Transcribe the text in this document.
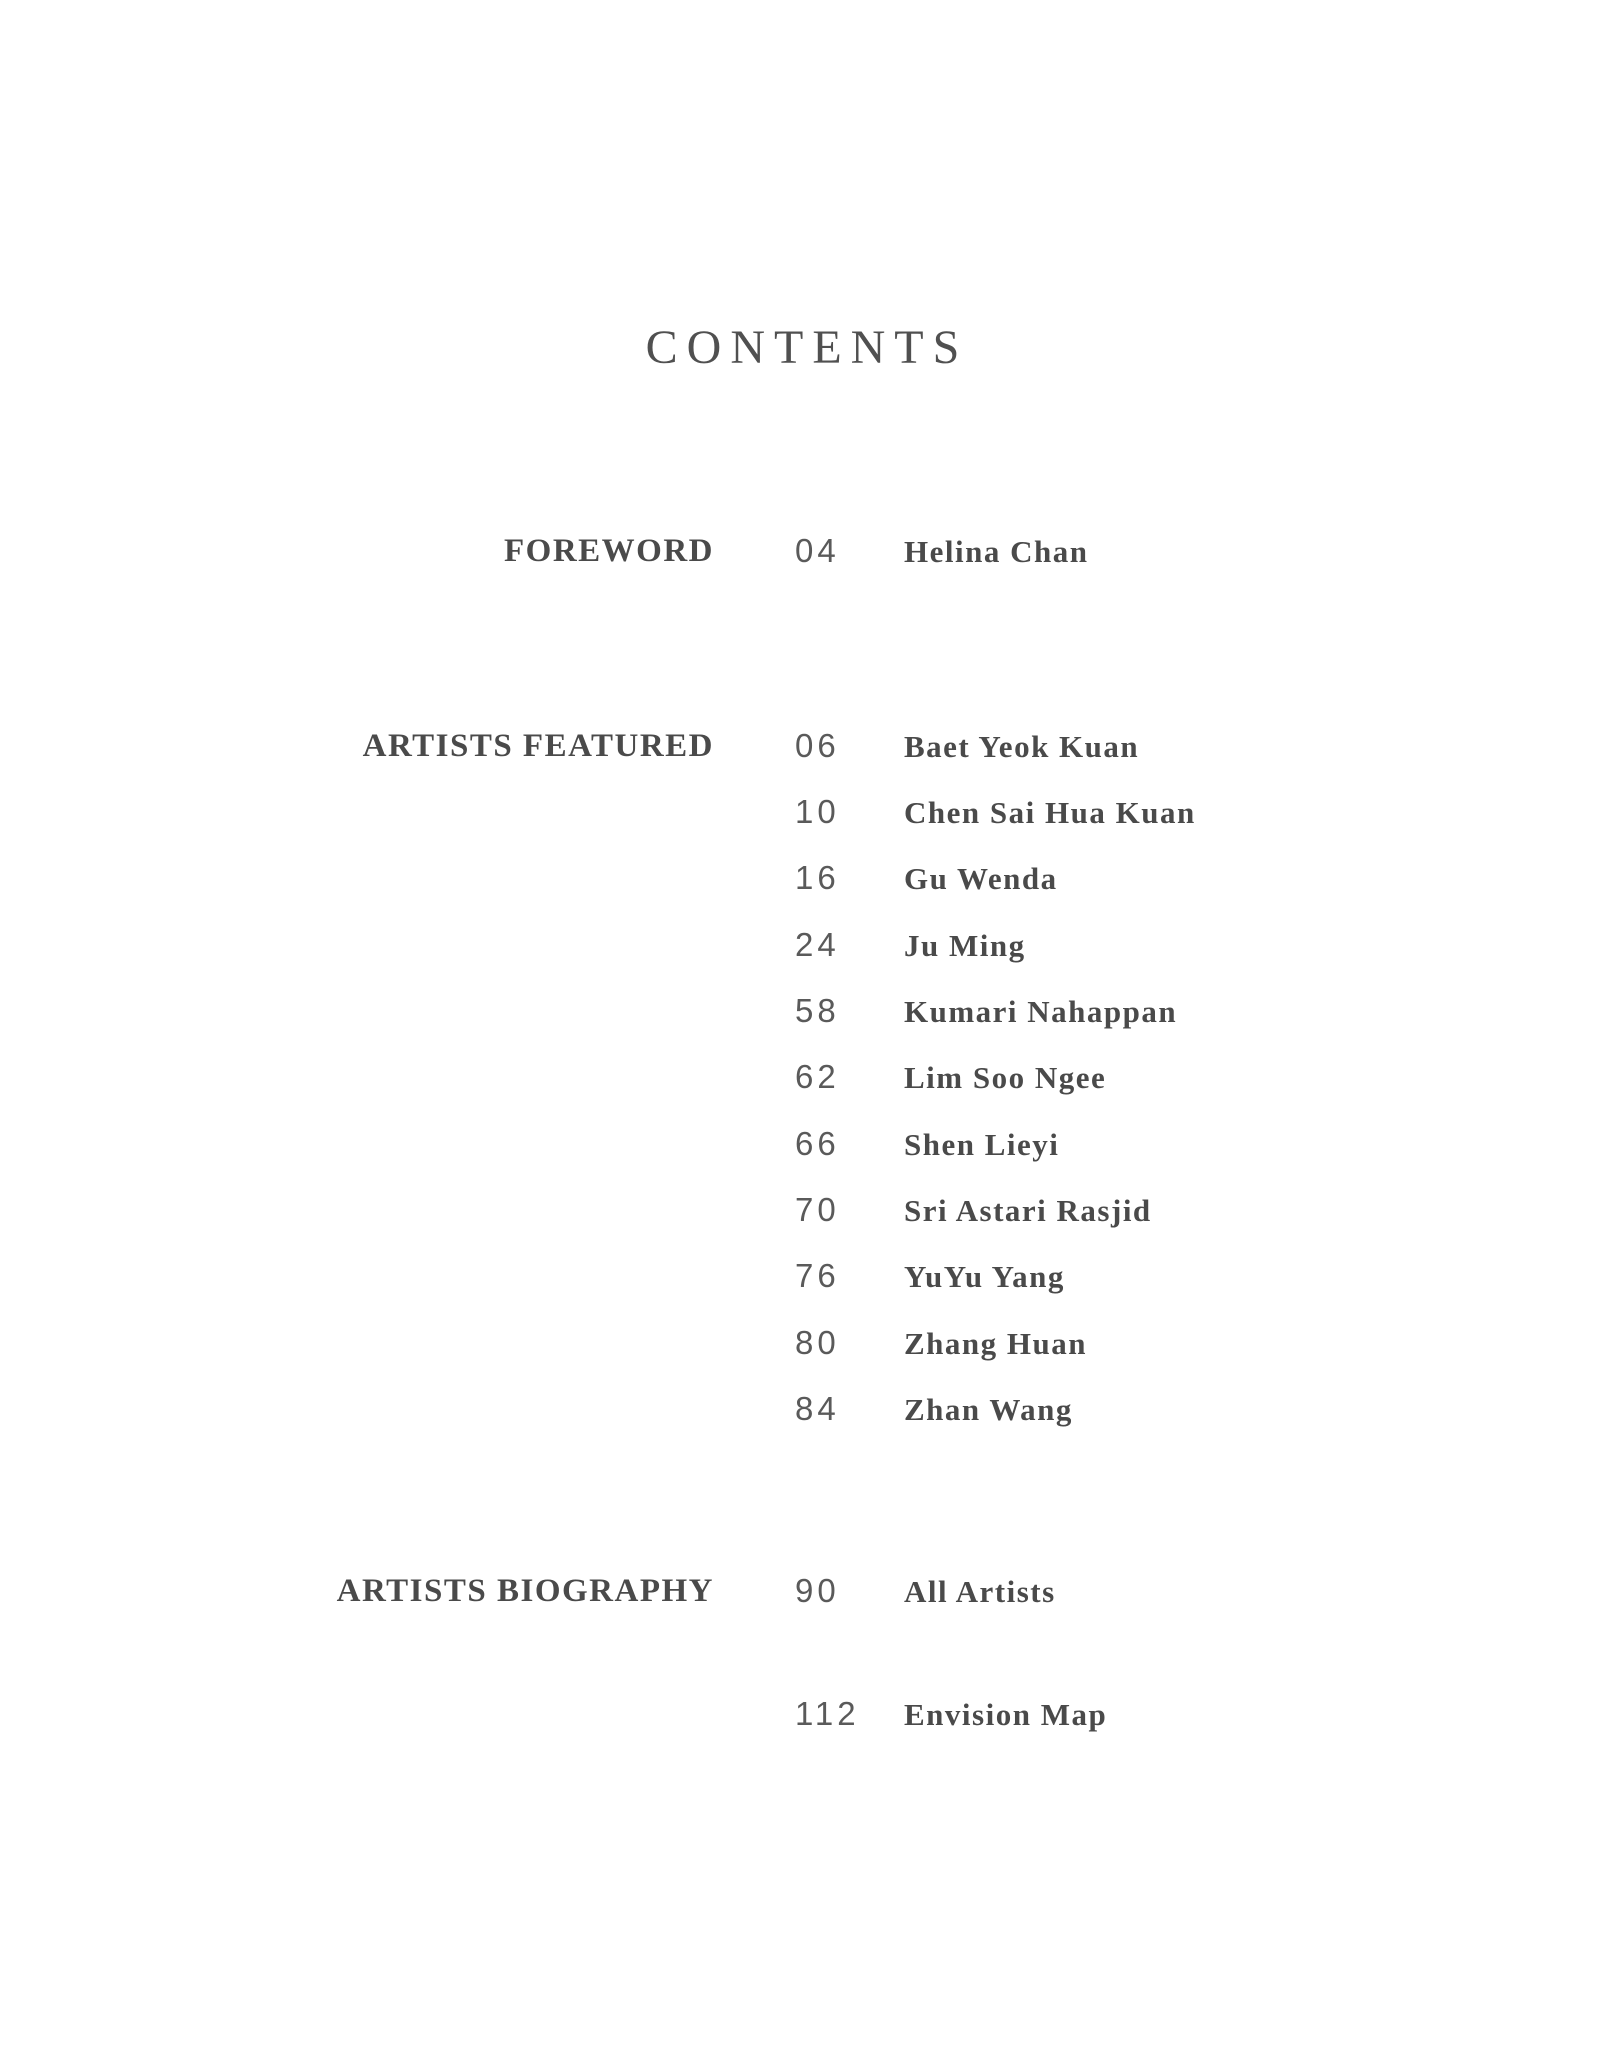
CONTENTS
FOREWORD 04 Helina Chan
ARTISTS FEATURED 06 Baet Yeok Kuan
10 Chen Sai Hua Kuan
16 Gu Wenda
24 Ju Ming
58 Kumari Nahappan
62 Lim Soo Ngee
66 Shen Lieyi
70 Sri Astari Rasjid
76 YuYu Yang
80 Zhang Huan
84 Zhan Wang
ARTISTS BIOGRAPHY 90 All Artists
112 Envision Map
